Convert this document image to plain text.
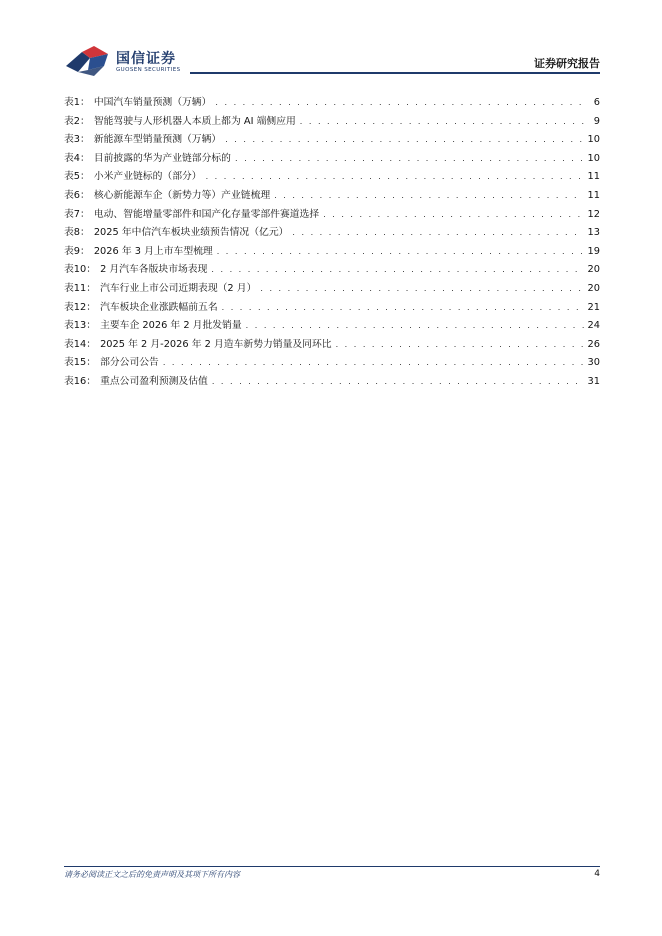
国信证券
GUOSEN SECURITIES	证券研究报告
表1： 中国汽车销量预测（万辆） . . .	6
表2： 智能驾驶与人形机器人本质上都为 AI 端侧应用 . . .	9
表3： 新能源车型销量预测（万辆） . . .	10
表4： 目前披露的华为产业链部分标的 . . .	10
表5： 小米产业链标的（部分） . . .	11
表6： 核心新能源车企（新势力等）产业链梳理 . . .	11
表7： 电动、智能增量零部件和国产化存量零部件赛道选择 . . .	12
表8： 2025 年中信汽车板块业绩预告情况（亿元） . . .	13
表9： 2026 年 3 月上市车型梳理 . . .	19
表10： 2 月汽车各版块市场表现 . . .	20
表11： 汽车行业上市公司近期表现（2 月） . . .	20
表12： 汽车板块企业涨跌幅前五名 . . .	21
表13： 主要车企 2026 年 2 月批发销量 . . .	24
表14： 2025 年 2 月-2026 年 2 月造车新势力销量及同环比 . . .	26
表15： 部分公司公告 . . .	30
表16： 重点公司盈利预测及估值 . . .	31
请务必阅读正文之后的免责声明及其项下所有内容	4
